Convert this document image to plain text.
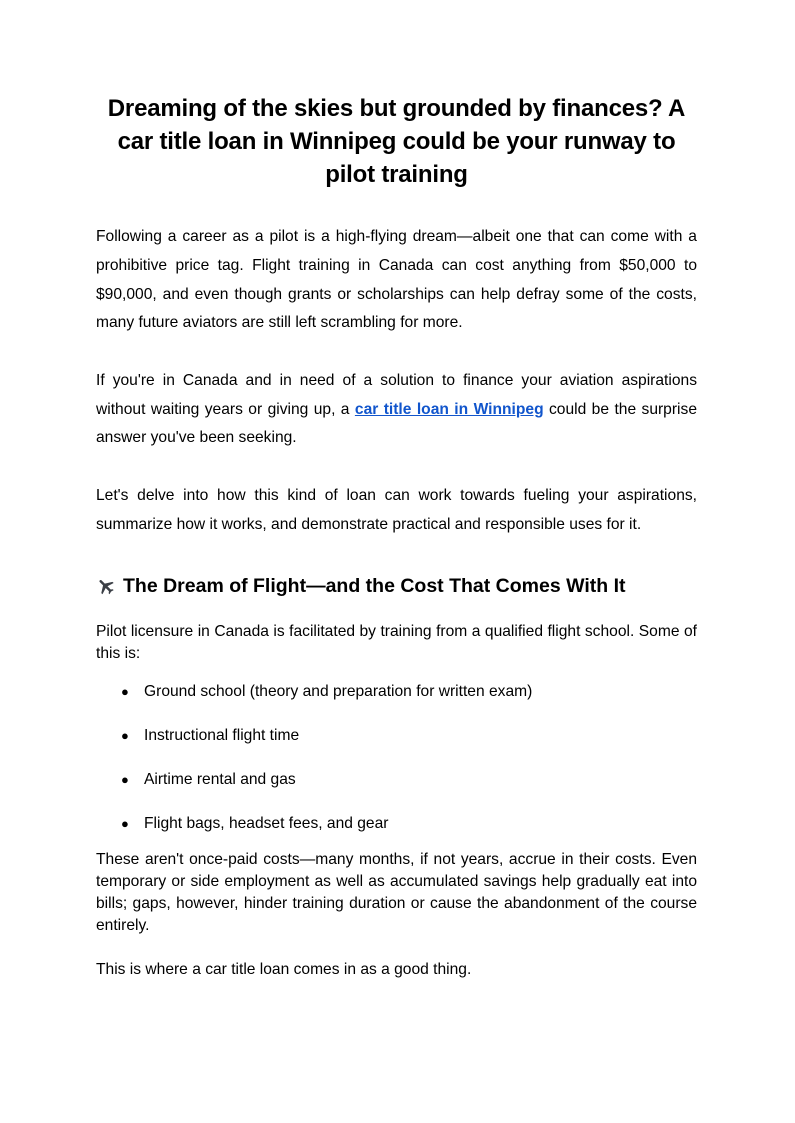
Dreaming of the skies but grounded by finances? A car title loan in Winnipeg could be your runway to pilot training

Following a career as a pilot is a high-flying dream—albeit one that can come with a prohibitive price tag. Flight training in Canada can cost anything from $50,000 to $90,000, and even though grants or scholarships can help defray some of the costs, many future aviators are still left scrambling for more.

If you're in Canada and in need of a solution to finance your aviation aspirations without waiting years or giving up, a car title loan in Winnipeg could be the surprise answer you've been seeking.

Let's delve into how this kind of loan can work towards fueling your aspirations, summarize how it works, and demonstrate practical and responsible uses for it.

The Dream of Flight—and the Cost That Comes With It

Pilot licensure in Canada is facilitated by training from a qualified flight school. Some of this is:

● Ground school (theory and preparation for written exam)
● Instructional flight time
● Airtime rental and gas
● Flight bags, headset fees, and gear

These aren't once-paid costs—many months, if not years, accrue in their costs. Even temporary or side employment as well as accumulated savings help gradually eat into bills; gaps, however, hinder training duration or cause the abandonment of the course entirely.

This is where a car title loan comes in as a good thing.
